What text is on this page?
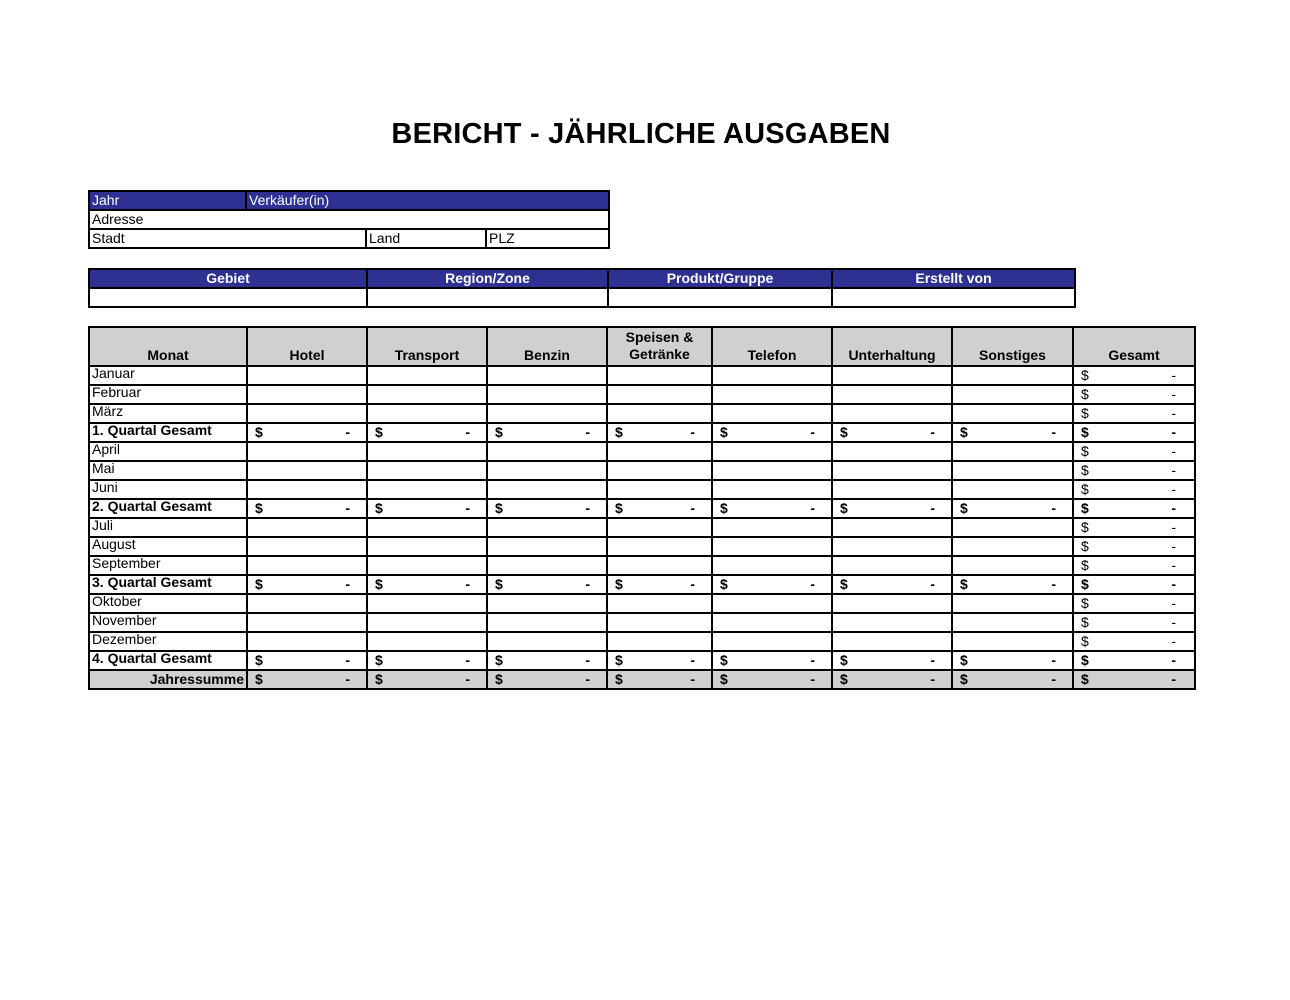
BERICHT - JÄHRLICHE AUSGABEN
Jahr	Verkäufer(in)		
Adresse			
Stadt		Land	PLZ
Gebiet	Region/Zone	Produkt/Gruppe	Erstellt von

Monat	Hotel	Transport	Benzin	Speisen & Getränke	Telefon	Unterhaltung	Sonstiges	Gesamt
Januar								$ -

Februar								$ -

März								$ -

1. Quartal Gesamt	$ -	$ -	$ -	$ -	$ -	$ -	$ -	$ -

April								$ -

Mai								$ -

Juni								$ -

2. Quartal Gesamt	$ -	$ -	$ -	$ -	$ -	$ -	$ -	$ -

Juli								$ -

August								$ -

September								$ -

3. Quartal Gesamt	$ -	$ -	$ -	$ -	$ -	$ -	$ -	$ -

Oktober								$ -

November								$ -

Dezember								$ -

4. Quartal Gesamt	$ -	$ -	$ -	$ -	$ -	$ -	$ -	$ -

Jahressumme	$ -	$ -	$ -	$ -	$ -	$ -	$ -	$ -
